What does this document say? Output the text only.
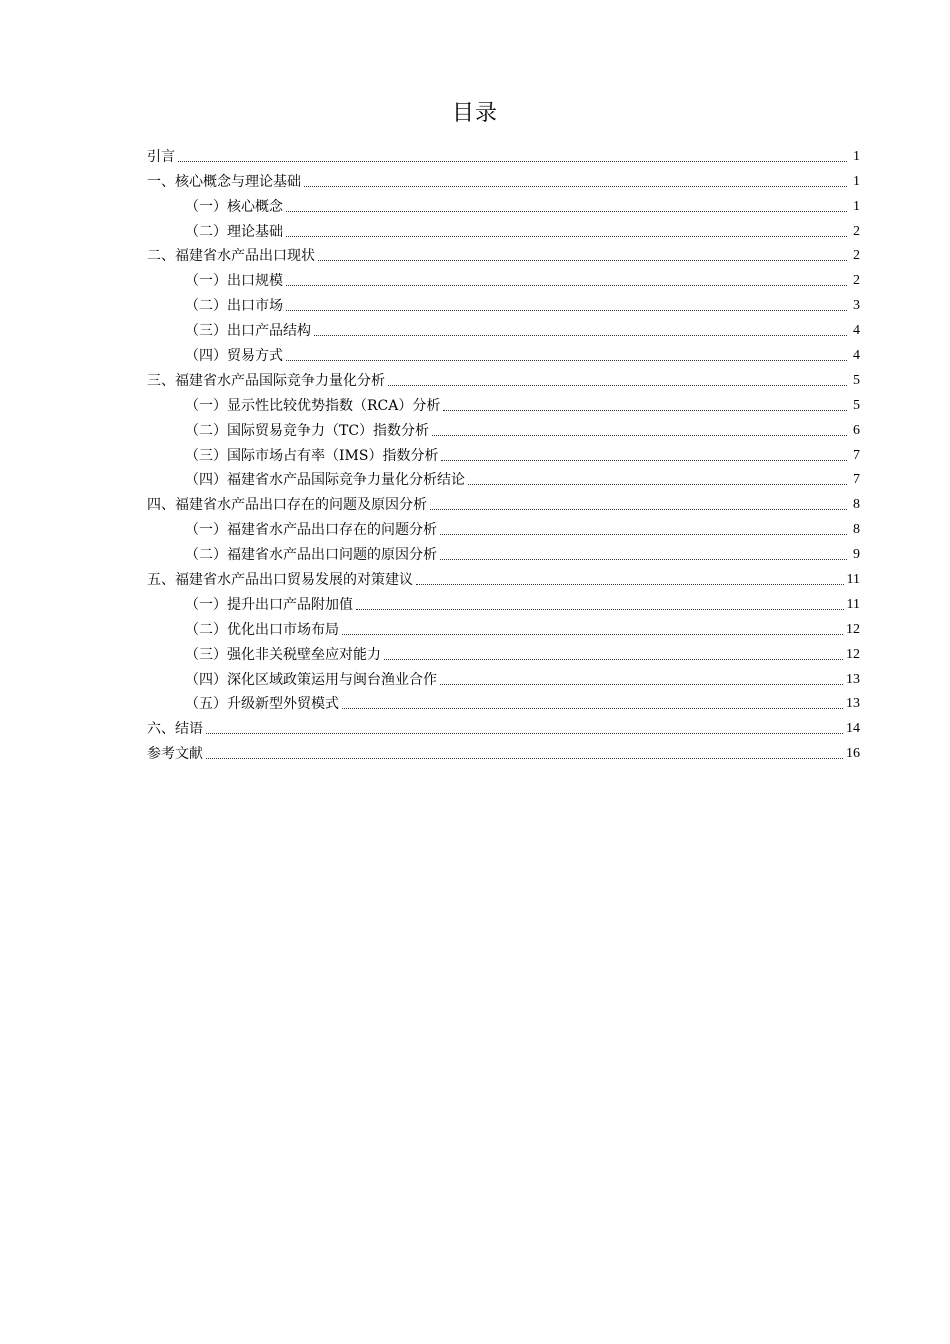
目录
引言	1
一、核心概念与理论基础	1
（一）核心概念	1
（二）理论基础	2
二、福建省水产品出口现状	2
（一）出口规模	2
（二）出口市场	3
（三）出口产品结构	4
（四）贸易方式	4
三、福建省水产品国际竞争力量化分析	5
（一）显示性比较优势指数（RCA）分析	5
（二）国际贸易竞争力（TC）指数分析	6
（三）国际市场占有率（IMS）指数分析	7
（四）福建省水产品国际竞争力量化分析结论	7
四、福建省水产品出口存在的问题及原因分析	8
（一）福建省水产品出口存在的问题分析	8
（二）福建省水产品出口问题的原因分析	9
五、福建省水产品出口贸易发展的对策建议	11
（一）提升出口产品附加值	11
（二）优化出口市场布局	12
（三）强化非关税壁垒应对能力	12
（四）深化区域政策运用与闽台渔业合作	13
（五）升级新型外贸模式	13
六、结语	14
参考文献	16
